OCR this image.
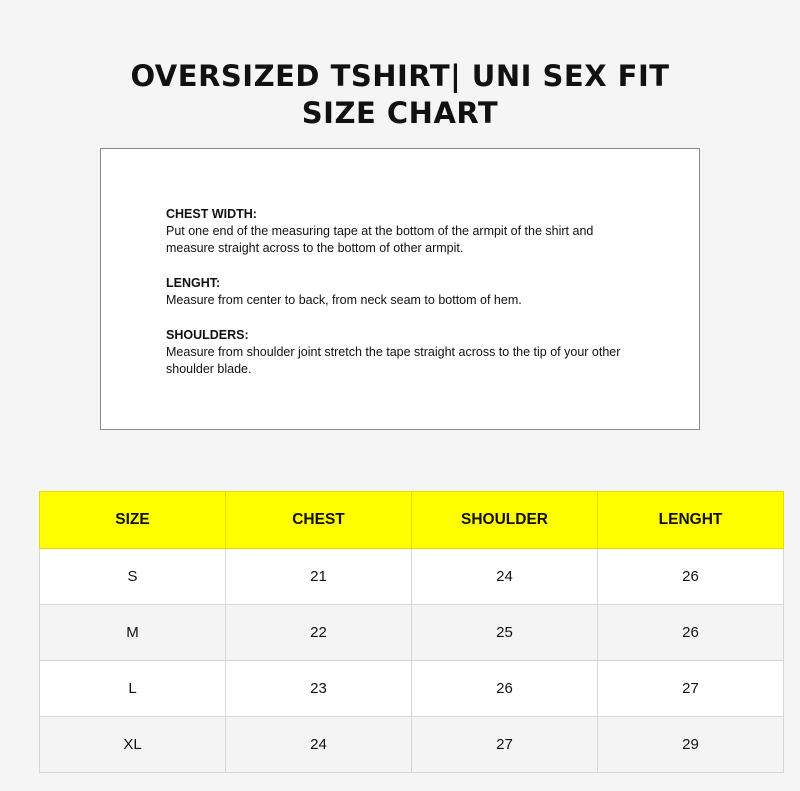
OVERSIZED TSHIRT| UNI SEX FIT
SIZE CHART
CHEST WIDTH:
Put one end of the measuring tape at the bottom of the armpit of the shirt and measure straight across to the bottom of other armpit.
LENGHT:
Measure from center to back, from neck seam to bottom of hem.
SHOULDERS:
Measure from shoulder joint stretch the tape straight across to the tip of your other shoulder blade.
SIZE	CHEST	SHOULDER	LENGHT
S	21	24	26
M	22	25	26
L	23	26	27
XL	24	27	29
